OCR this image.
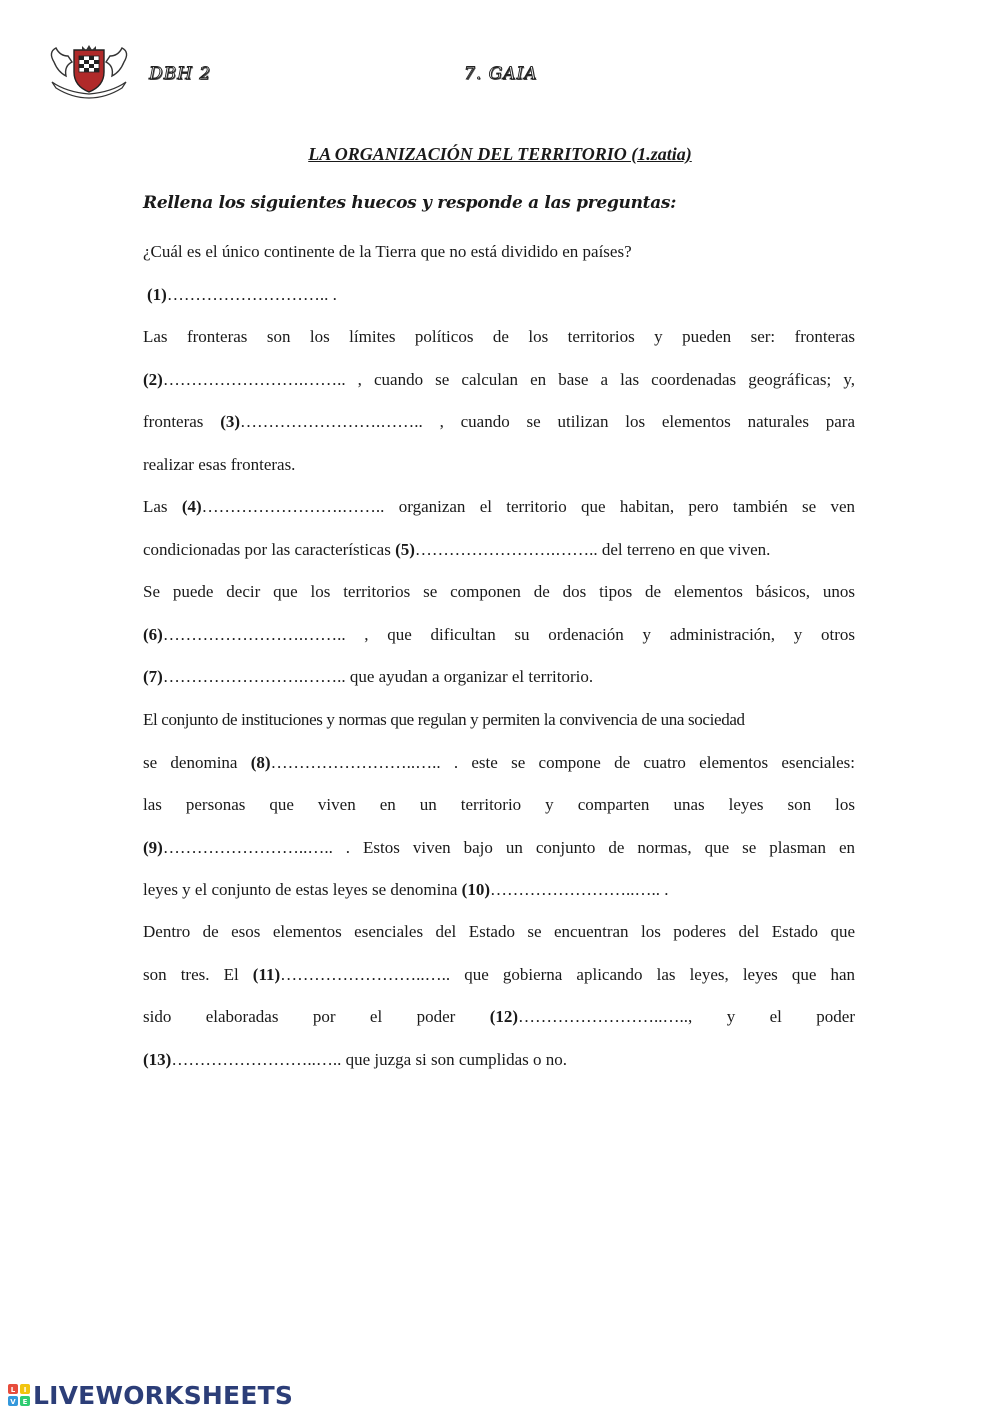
DBH 2	7. GAIA
LA ORGANIZACIÓN DEL TERRITORIO (1.zatia)
Rellena los siguientes huecos y responde a las preguntas:
¿Cuál es el único continente de la Tierra que no está dividido en países?
(1)……………………….. .
Las fronteras son los límites políticos de los territorios y pueden ser: fronteras
(2)…………………….…….. , cuando se calculan en base a las coordenadas geográficas; y,
fronteras (3)…………………….…….. , cuando se utilizan los elementos naturales para
realizar esas fronteras.
Las (4)…………………….…….. organizan el territorio que habitan, pero también se ven
condicionadas por las características (5)…………………….…….. del terreno en que viven.
Se puede decir que los territorios se componen de dos tipos de elementos básicos, unos
(6)…………………….…….. , que dificultan su ordenación y administración, y otros
(7)…………………….…….. que ayudan a organizar el territorio.
El conjunto de instituciones y normas que regulan y permiten la convivencia de una sociedad
se denomina (8)……………………..….. . este se compone de cuatro elementos esenciales:
las personas que viven en un territorio y comparten unas leyes son los
(9)……………………..….. . Estos viven bajo un conjunto de normas, que se plasman en
leyes y el conjunto de estas leyes se denomina (10)……………………..….. .
Dentro de esos elementos esenciales del Estado se encuentran los poderes del Estado que
son tres. El (11)……………………..….. que gobierna aplicando las leyes, leyes que han
sido elaboradas por el poder (12)……………………..….., y el poder
(13)……………………..….. que juzga si son cumplidas o no.
L I
V E LIVEWORKSHEETS
